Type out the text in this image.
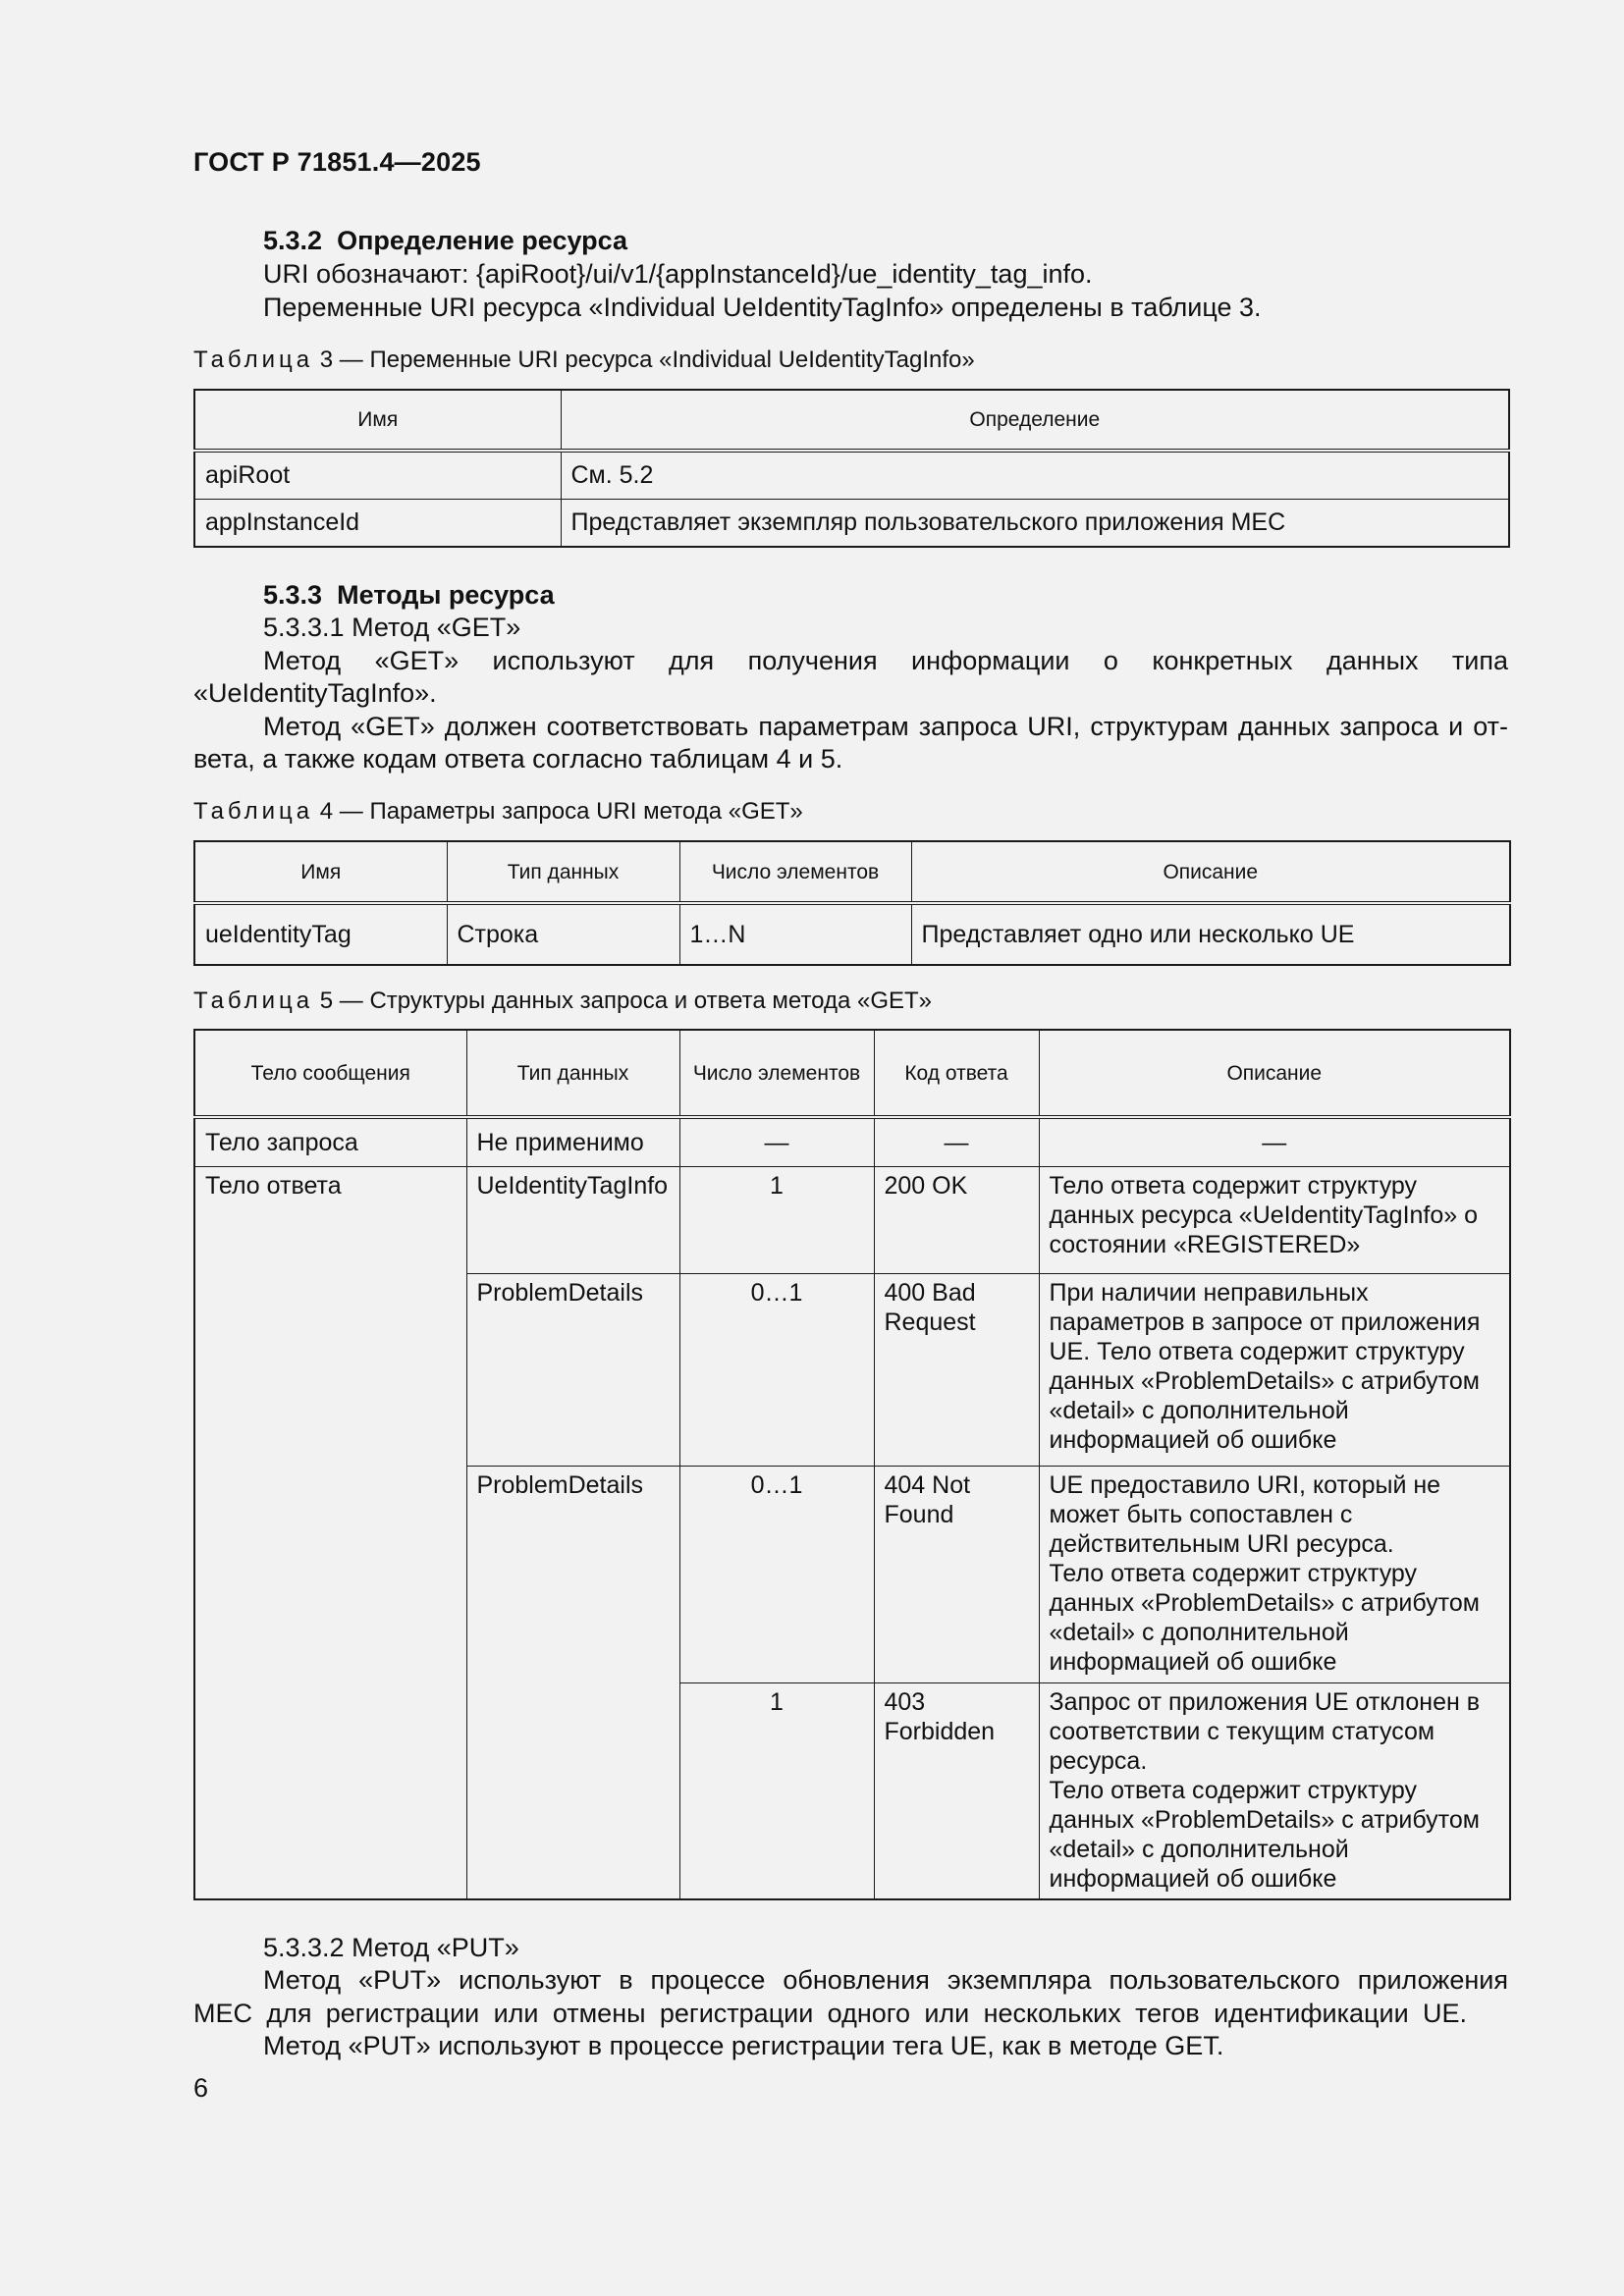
ГОСТ Р 71851.4—2025
5.3.2 Определение ресурса
URI обозначают: {apiRoot}/ui/v1/{appInstanceId}/ue_identity_tag_info.
Переменные URI ресурса «Individual UeIdentityTagInfo» определены в таблице 3.
Таблица 3 — Переменные URI ресурса «Individual UeIdentityTagInfo»
Имя	Определение
apiRoot	См. 5.2
appInstanceId	Представляет экземпляр пользовательского приложения MEC
5.3.3 Методы ресурса
5.3.3.1 Метод «GET»
Метод «GET» используют для получения информации о конкретных данных типа
«UeIdentityTagInfo».
Метод «GET» должен соответствовать параметрам запроса URI, структурам данных запроса и от-
вета, а также кодам ответа согласно таблицам 4 и 5.
Таблица 4 — Параметры запроса URI метода «GET»
Имя	Тип данных	Число элементов	Описание
ueIdentityTag	Строка	1…N	Представляет одно или несколько UE
Таблица 5 — Структуры данных запроса и ответа метода «GET»
Тело сообщения	Тип данных	Число элементов	Код ответа	Описание
Тело запроса	Не применимо	—	—	—
Тело ответа	UeIdentityTagInfo	1	200 OK	Тело ответа содержит структуру данных ресурса «UeIdentityTagInfo» о состоянии «REGISTERED»
	ProblemDetails	0…1	400 Bad Request	При наличии неправильных параметров в запросе от приложения UE. Тело ответа содержит структуру данных «ProblemDetails» с атрибутом «detail» с дополнительной информацией об ошибке
	ProblemDetails	0…1	404 Not Found	UE предоставило URI, который не может быть сопоставлен с действительным URI ресурса.
Тело ответа содержит структуру данных «ProblemDetails» с атрибутом «detail» с дополнительной информацией об ошибке

		1	403 Forbidden	Запрос от приложения UE отклонен в соответствии с текущим статусом ресурса.
Тело ответа содержит структуру данных «ProblemDetails» с атрибутом «detail» с дополнительной информацией об ошибке
5.3.3.2 Метод «PUT»
Метод «PUT» используют в процессе обновления экземпляра пользовательского приложения
MEC для регистрации или отмены регистрации одного или нескольких тегов идентификации UE.
Метод «PUT» используют в процессе регистрации тега UE, как в методе GET.
6
